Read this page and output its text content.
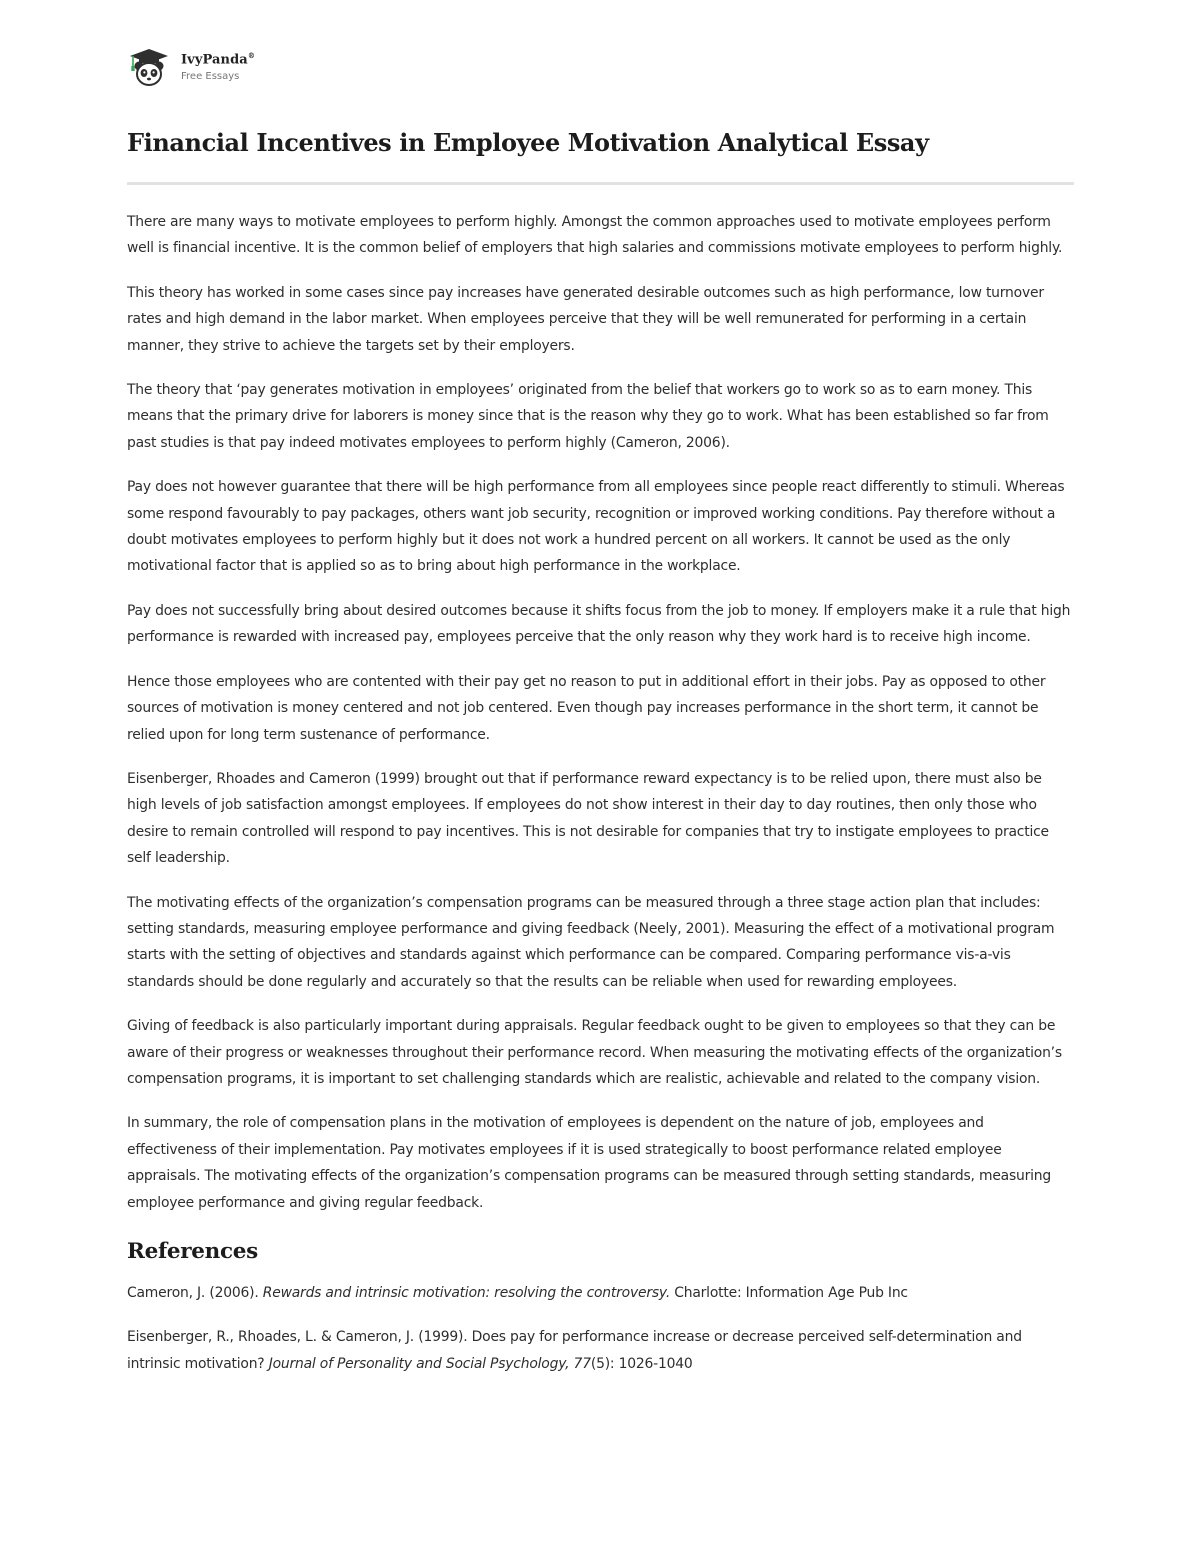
IvyPanda®
Free Essays
Financial Incentives in Employee Motivation Analytical Essay

There are many ways to motivate employees to perform highly. Amongst the common approaches used to motivate employees perform well is financial incentive. It is the common belief of employers that high salaries and commissions motivate employees to perform highly.

This theory has worked in some cases since pay increases have generated desirable outcomes such as high performance, low turnover rates and high demand in the labor market. When employees perceive that they will be well remunerated for performing in a certain manner, they strive to achieve the targets set by their employers.

The theory that ‘pay generates motivation in employees’ originated from the belief that workers go to work so as to earn money. This means that the primary drive for laborers is money since that is the reason why they go to work. What has been established so far from past studies is that pay indeed motivates employees to perform highly (Cameron, 2006).

Pay does not however guarantee that there will be high performance from all employees since people react differently to stimuli. Whereas some respond favourably to pay packages, others want job security, recognition or improved working conditions. Pay therefore without a doubt motivates employees to perform highly but it does not work a hundred percent on all workers. It cannot be used as the only motivational factor that is applied so as to bring about high performance in the workplace.

Pay does not successfully bring about desired outcomes because it shifts focus from the job to money. If employers make it a rule that high performance is rewarded with increased pay, employees perceive that the only reason why they work hard is to receive high income.

Hence those employees who are contented with their pay get no reason to put in additional effort in their jobs. Pay as opposed to other sources of motivation is money centered and not job centered. Even though pay increases performance in the short term, it cannot be relied upon for long term sustenance of performance.

Eisenberger, Rhoades and Cameron (1999) brought out that if performance reward expectancy is to be relied upon, there must also be high levels of job satisfaction amongst employees. If employees do not show interest in their day to day routines, then only those who desire to remain controlled will respond to pay incentives. This is not desirable for companies that try to instigate employees to practice self leadership.

The motivating effects of the organization’s compensation programs can be measured through a three stage action plan that includes: setting standards, measuring employee performance and giving feedback (Neely, 2001). Measuring the effect of a motivational program starts with the setting of objectives and standards against which performance can be compared. Comparing performance vis-a-vis standards should be done regularly and accurately so that the results can be reliable when used for rewarding employees.

Giving of feedback is also particularly important during appraisals. Regular feedback ought to be given to employees so that they can be aware of their progress or weaknesses throughout their performance record. When measuring the motivating effects of the organization’s compensation programs, it is important to set challenging standards which are realistic, achievable and related to the company vision.

In summary, the role of compensation plans in the motivation of employees is dependent on the nature of job, employees and effectiveness of their implementation. Pay motivates employees if it is used strategically to boost performance related employee appraisals. The motivating effects of the organization’s compensation programs can be measured through setting standards, measuring employee performance and giving regular feedback.

References

Cameron, J. (2006). Rewards and intrinsic motivation: resolving the controversy. Charlotte: Information Age Pub Inc

Eisenberger, R., Rhoades, L. & Cameron, J. (1999). Does pay for performance increase or decrease perceived self-determination and intrinsic motivation? Journal of Personality and Social Psychology, 77(5): 1026-1040
